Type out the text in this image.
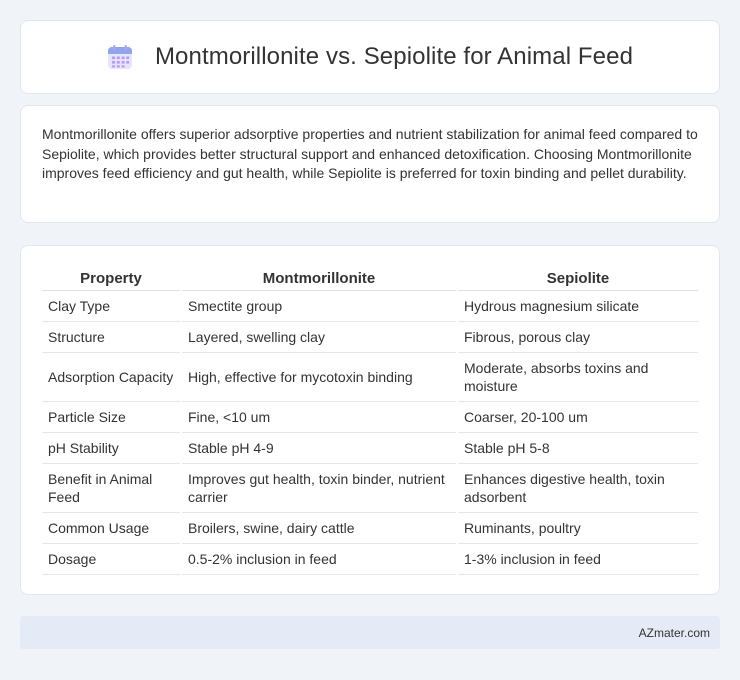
Montmorillonite vs. Sepiolite for Animal Feed

Montmorillonite offers superior adsorptive properties and nutrient stabilization for animal feed compared to Sepiolite, which provides better structural support and enhanced detoxification. Choosing Montmorillonite improves feed efficiency and gut health, while Sepiolite is preferred for toxin binding and pellet durability.

Property	Montmorillonite	Sepiolite
Clay Type	Smectite group	Hydrous magnesium silicate
Structure	Layered, swelling clay	Fibrous, porous clay
Adsorption Capacity	High, effective for mycotoxin binding	Moderate, absorbs toxins and moisture
Particle Size	Fine, <10 um	Coarser, 20-100 um
pH Stability	Stable pH 4-9	Stable pH 5-8
Benefit in Animal Feed	Improves gut health, toxin binder, nutrient carrier	Enhances digestive health, toxin adsorbent
Common Usage	Broilers, swine, dairy cattle	Ruminants, poultry
Dosage	0.5-2% inclusion in feed	1-3% inclusion in feed
AZmater.com
